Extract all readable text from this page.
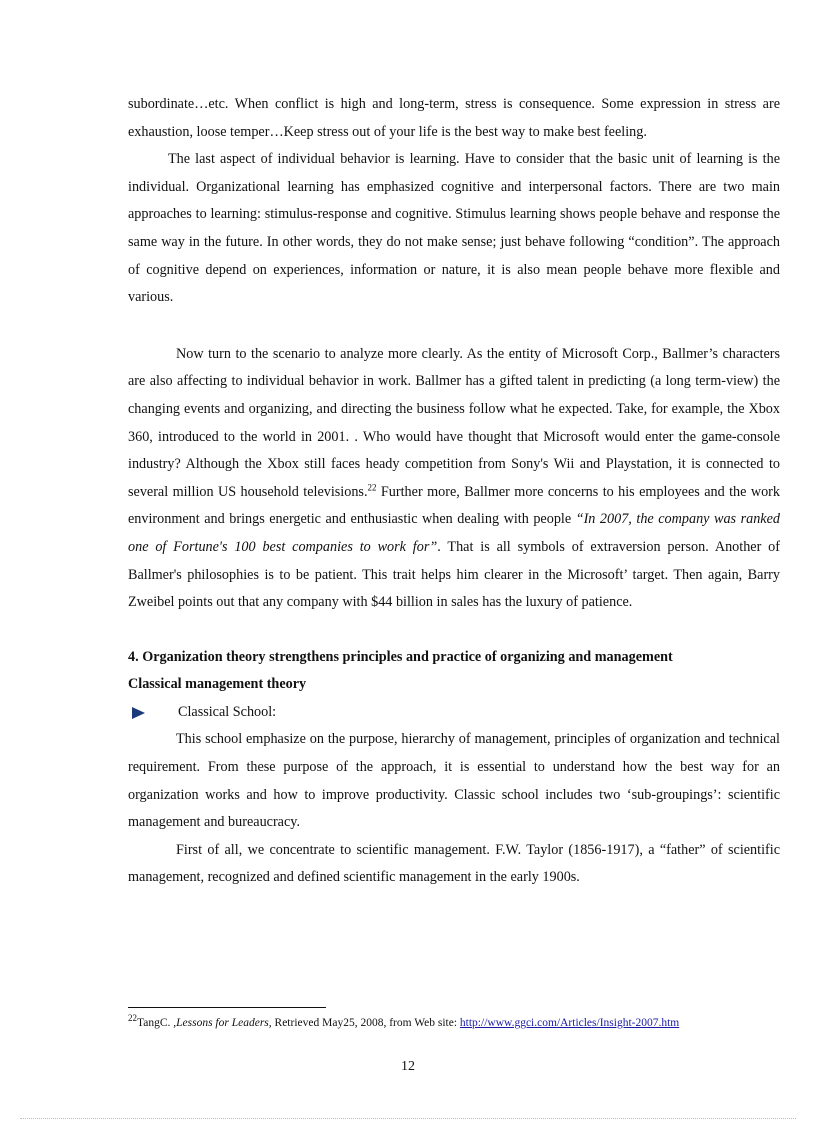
subordinate…etc. When conflict is high and long-term, stress is consequence. Some expression in stress are exhaustion, loose temper…Keep stress out of your life is the best way to make best feeling.

The last aspect of individual behavior is learning. Have to consider that the basic unit of learning is the individual. Organizational learning has emphasized cognitive and interpersonal factors. There are two main approaches to learning: stimulus-response and cognitive. Stimulus learning shows people behave and response the same way in the future. In other words, they do not make sense; just behave following “condition”. The approach of cognitive depend on experiences, information or nature, it is also mean people behave more flexible and various.

Now turn to the scenario to analyze more clearly. As the entity of Microsoft Corp., Ballmer’s characters are also affecting to individual behavior in work. Ballmer has a gifted talent in predicting (a long term-view) the changing events and organizing, and directing the business follow what he expected. Take, for example, the Xbox 360, introduced to the world in 2001. . Who would have thought that Microsoft would enter the game-console industry? Although the Xbox still faces heady competition from Sony's Wii and Playstation, it is connected to several million US household televisions.$^{22}$ Further more, Ballmer more concerns to his employees and the work environment and brings energetic and enthusiastic when dealing with people “In 2007, the company was ranked one of Fortune's 100 best companies to work for”. That is all symbols of extraversion person. Another of Ballmer's philosophies is to be patient. This trait helps him clearer in the Microsoft’ target. Then again, Barry Zweibel points out that any company with $44 billion in sales has the luxury of patience.

4. Organization theory strengthens principles and practice of organizing and management

Classical management theory

Classical School:

This school emphasize on the purpose, hierarchy of management, principles of organization and technical requirement. From these purpose of the approach, it is essential to understand how the best way for an organization works and how to improve productivity. Classic school includes two ‘sub-groupings’: scientific management and bureaucracy.

First of all, we concentrate to scientific management. F.W. Taylor (1856-1917), a “father” of scientific management, recognized and defined scientific management in the early 1900s.

$^{22}$TangC. ,Lessons for Leaders, Retrieved May25, 2008, from Web site: http://www.ggci.com/Articles/Insight-2007.htm
12
